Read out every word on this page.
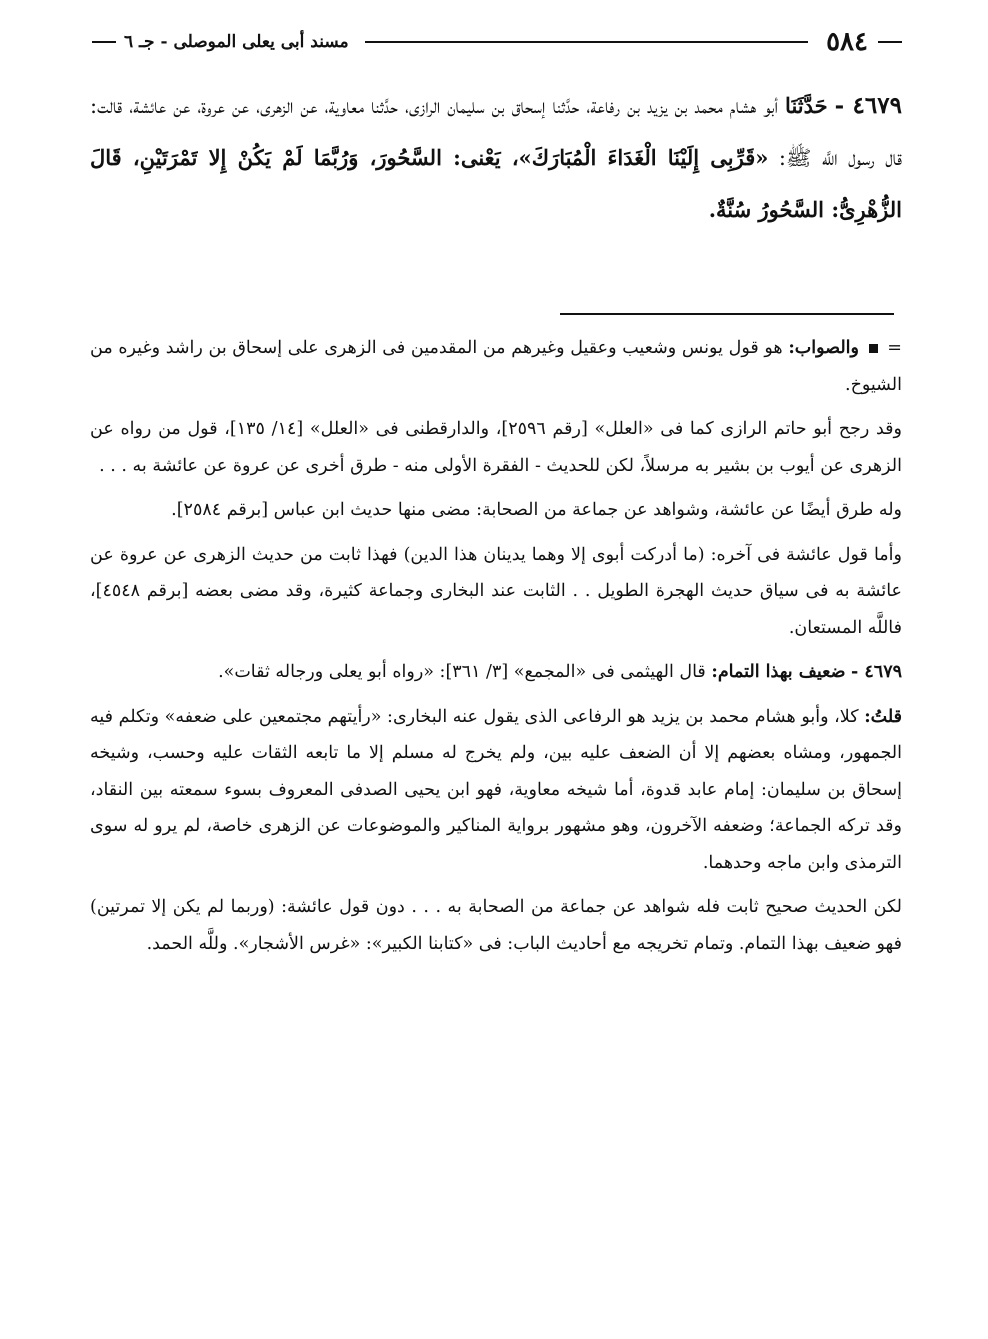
٥٨٤
مسند أبى يعلى الموصلى - جـ ٦
٤٦٧٩ - حَدَّثَنَا أبو هشام محمد بن يزيد بن رفاعة، حدَّثنا إسحاق بن سليمان الرازى، حدَّثنا معاوية، عن الزهرى، عن عروة، عن عائشة، قالت: قال رسول اللَّه ﷺ: «قَرِّبِى إِلَيْنَا الْغَدَاءَ الْمُبَارَكَ»، يَعْنى: السَّحُورَ، وَرُبَّمَا لَمْ يَكُنْ إِلا تَمْرَتَيْنِ، قَالَ الزُّهْرِىُّ: السَّحُورُ سُنَّةٌ.

=  والصواب: هو قول يونس وشعيب وعقيل وغيرهم من المقدمين فى الزهرى على إسحاق بن راشد وغيره من الشيوخ.

وقد رجح أبو حاتم الرازى كما فى «العلل» [رقم ٢٥٩٦]، والدارقطنى فى «العلل» [١٤/ ١٣٥]، قول من رواه عن الزهرى عن أيوب بن بشير به مرسلاً، لكن للحديث - الفقرة الأولى منه - طرق أخرى عن عروة عن عائشة به . . .

وله طرق أيضًا عن عائشة، وشواهد عن جماعة من الصحابة: مضى منها حديث ابن عباس [برقم ٢٥٨٤].

وأما قول عائشة فى آخره: (ما أدركت أبوى إلا وهما يدينان هذا الدين) فهذا ثابت من حديث الزهرى عن عروة عن عائشة به فى سياق حديث الهجرة الطويل . . الثابت عند البخارى وجماعة كثيرة، وقد مضى بعضه [برقم ٤٥٤٨]، فاللَّه المستعان.

٤٦٧٩ - ضعيف بهذا التمام: قال الهيثمى فى «المجمع» [٣/ ٣٦١]: «رواه أبو يعلى ورجاله ثقات».

قلتُ: كلا، وأبو هشام محمد بن يزيد هو الرفاعى الذى يقول عنه البخارى: «رأيتهم مجتمعين على ضعفه» وتكلم فيه الجمهور، ومشاه بعضهم إلا أن الضعف عليه بين، ولم يخرج له مسلم إلا ما تابعه الثقات عليه وحسب، وشيخه إسحاق بن سليمان: إمام عابد قدوة، أما شيخه معاوية، فهو ابن يحيى الصدفى المعروف بسوء سمعته بين النقاد، وقد تركه الجماعة؛ وضعفه الآخرون، وهو مشهور برواية المناكير والموضوعات عن الزهرى خاصة، لم يرو له سوى الترمذى وابن ماجه وحدهما.

لكن الحديث صحيح ثابت فله شواهد عن جماعة من الصحابة به . . . دون قول عائشة: (وربما لم يكن إلا تمرتين) فهو ضعيف بهذا التمام. وتمام تخريجه مع أحاديث الباب: فى «كتابنا الكبير»: «غرس الأشجار». وللَّه الحمد.
